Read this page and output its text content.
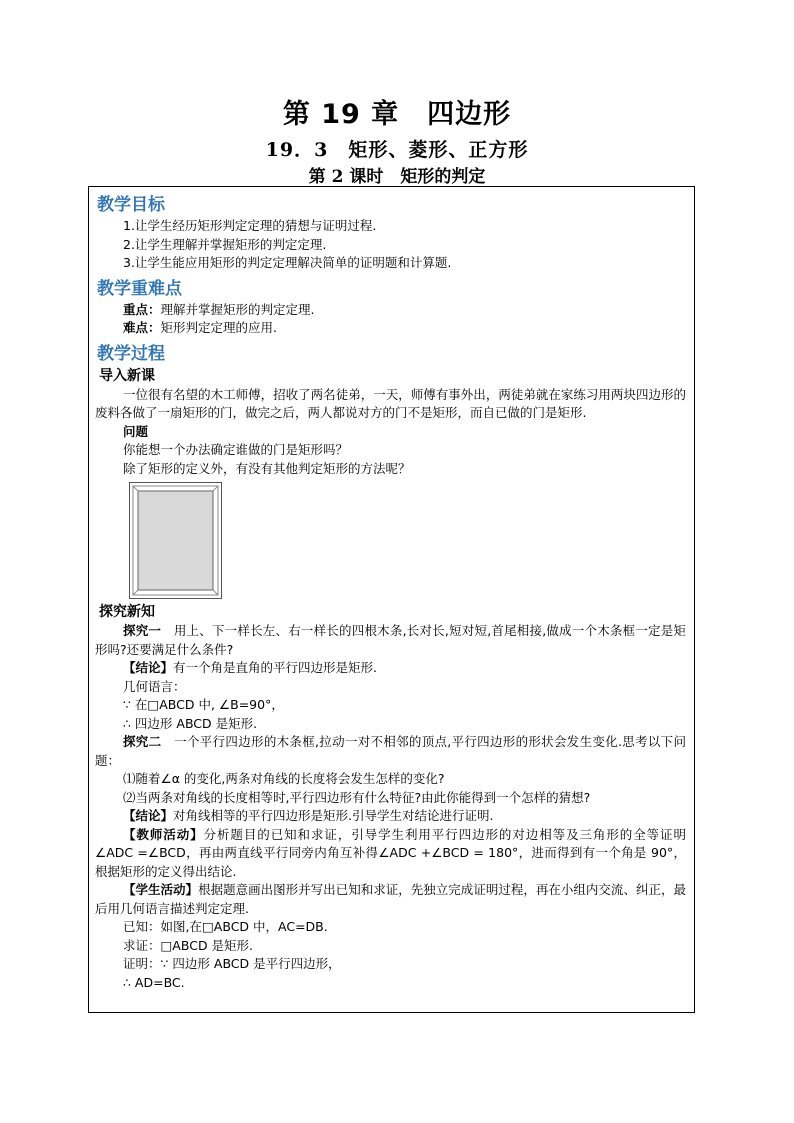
第 19 章　四边形
19．3　矩形、菱形、正方形
第 2 课时　矩形的判定

教学目标

1.让学生经历矩形判定定理的猜想与证明过程.

2.让学生理解并掌握矩形的判定定理.

3.让学生能应用矩形的判定定理解决简单的证明题和计算题.

教学重难点

重点：理解并掌握矩形的判定定理.

难点：矩形判定定理的应用.

教学过程

导入新课

一位很有名望的木工师傅，招收了两名徒弟，一天，师傅有事外出，两徒弟就在家练习用两块四边形的废料各做了一扇矩形的门，做完之后，两人都说对方的门不是矩形，而自已做的门是矩形.

问题

你能想一个办法确定谁做的门是矩形吗？

除了矩形的定义外，有没有其他判定矩形的方法呢？

探究新知

探究一　用上、下一样长左、右一样长的四根木条,长对长,短对短,首尾相接,做成一个木条框一定是矩形吗?还要满足什么条件?

【结论】有一个角是直角的平行四边形是矩形.

几何语言：

∵ 在□ABCD 中, ∠B=90°，

∴ 四边形 ABCD 是矩形.

探究二　一个平行四边形的木条框,拉动一对不相邻的顶点,平行四边形的形状会发生变化.思考以下问题：

⑴随着∠α 的变化,两条对角线的长度将会发生怎样的变化?

⑵当两条对角线的长度相等时,平行四边形有什么特征?由此你能得到一个怎样的猜想?

【结论】对角线相等的平行四边形是矩形.引导学生对结论进行证明.

【教师活动】分析题目的已知和求证，引导学生利用平行四边形的对边相等及三角形的全等证明∠ADC =∠BCD，再由两直线平行同旁内角互补得∠ADC +∠BCD = 180°，进而得到有一个角是 90°，根据矩形的定义得出结论.

【学生活动】根据题意画出图形并写出已知和求证，先独立完成证明过程，再在小组内交流、纠正，最后用几何语言描述判定定理.

已知：如图,在□ABCD 中，AC=DB.

求证：□ABCD 是矩形.

证明：∵ 四边形 ABCD 是平行四边形，

∴ AD=BC.
